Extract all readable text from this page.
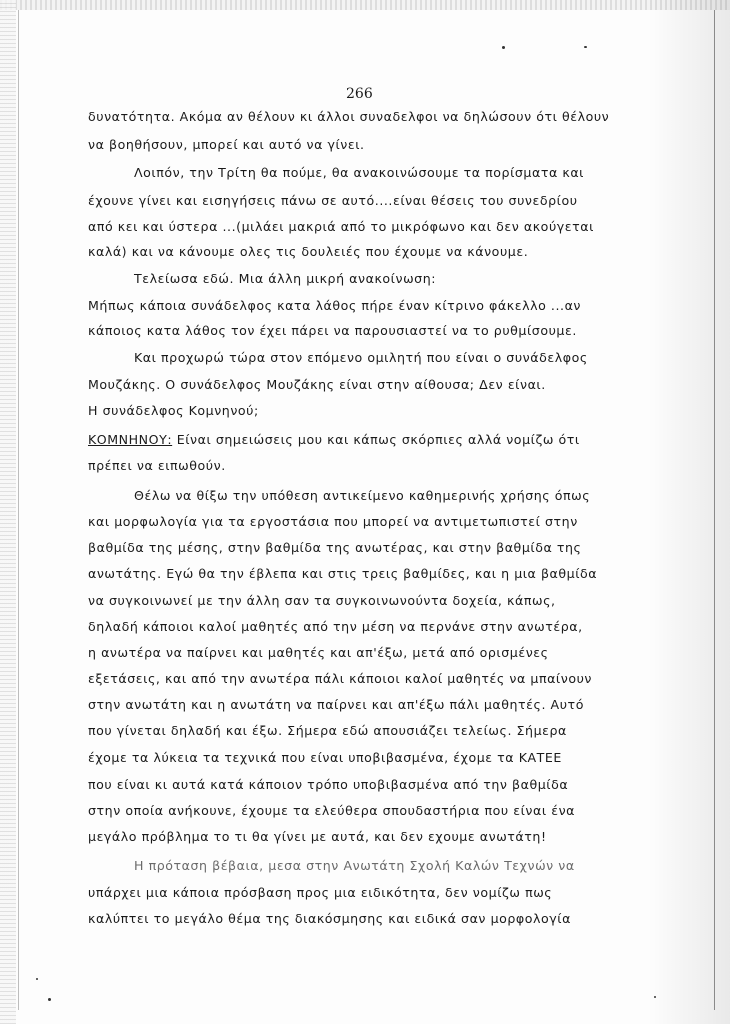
266
δυνατότητα. Ακόμα αν θέλουν κι άλλοι συναδελφοι να δηλώσουν ότι θέλουν
να βοηθήσουν, μπορεί και αυτό να γίνει.
Λοιπόν, την Τρίτη θα πούμε, θα ανακοινώσουμε τα πορίσματα και
έχουνε γίνει και εισηγήσεις πάνω σε αυτό....είναι θέσεις του συνεδρίου
από κει και ύστερα ...(μιλάει μακριά από το μικρόφωνο και δεν ακούγεται
καλά) και να κάνουμε ολες τις δουλειές που έχουμε να κάνουμε.
Τελείωσα εδώ. Μια άλλη μικρή ανακοίνωση:
Μήπως κάποια συνάδελφος κατα λάθος πήρε έναν κίτρινο φάκελλο ...αν
κάποιος κατα λάθος τον έχει πάρει να παρουσιαστεί να το ρυθμίσουμε.
Και προχωρώ τώρα στον επόμενο ομιλητή που είναι ο συνάδελφος
Μουζάκης. Ο συνάδελφος Μουζάκης είναι στην αίθουσα; Δεν είναι.
Η συνάδελφος Κομνηνού;
ΚΟΜΝΗΝΟΥ: Είναι σημειώσεις μου και κάπως σκόρπιες αλλά νομίζω ότι
πρέπει να ειπωθούν.
Θέλω να θίξω την υπόθεση αντικείμενο καθημερινής χρήσης όπως
και μορφωλογία για τα εργοστάσια που μπορεί να αντιμετωπιστεί στην
βαθμίδα της μέσης, στην βαθμίδα της ανωτέρας, και στην βαθμίδα της
ανωτάτης. Εγώ θα την έβλεπα και στις τρεις βαθμίδες, και η μια βαθμίδα
να συγκοινωνεί με την άλλη σαν τα συγκοινωνούντα δοχεία, κάπως,
δηλαδή κάποιοι καλοί μαθητές από την μέση να περνάνε στην ανωτέρα,
η ανωτέρα να παίρνει και μαθητές και απ'έξω, μετά από ορισμένες
εξετάσεις, και από την ανωτέρα πάλι κάποιοι καλοί μαθητές να μπαίνουν
στην ανωτάτη και η ανωτάτη να παίρνει και απ'έξω πάλι μαθητές. Αυτό
που γίνεται δηλαδή και έξω. Σήμερα εδώ απουσιάζει τελείως. Σήμερα
έχομε τα λύκεια τα τεχνικά που είναι υποβιβασμένα, έχομε τα ΚΑΤΕΕ
που είναι κι αυτά κατά κάποιον τρόπο υποβιβασμένα από την βαθμίδα
στην οποία ανήκουνε, έχουμε τα ελεύθερα σπουδαστήρια που είναι ένα
μεγάλο πρόβλημα το τι θα γίνει με αυτά, και δεν εχουμε ανωτάτη!
Η πρόταση βέβαια, μεσα στην Ανωτάτη Σχολή Καλών Τεχνών να
υπάρχει μια κάποια πρόσβαση προς μια ειδικότητα, δεν νομίζω πως
καλύπτει το μεγάλο θέμα της διακόσμησης και ειδικά σαν μορφολογία
